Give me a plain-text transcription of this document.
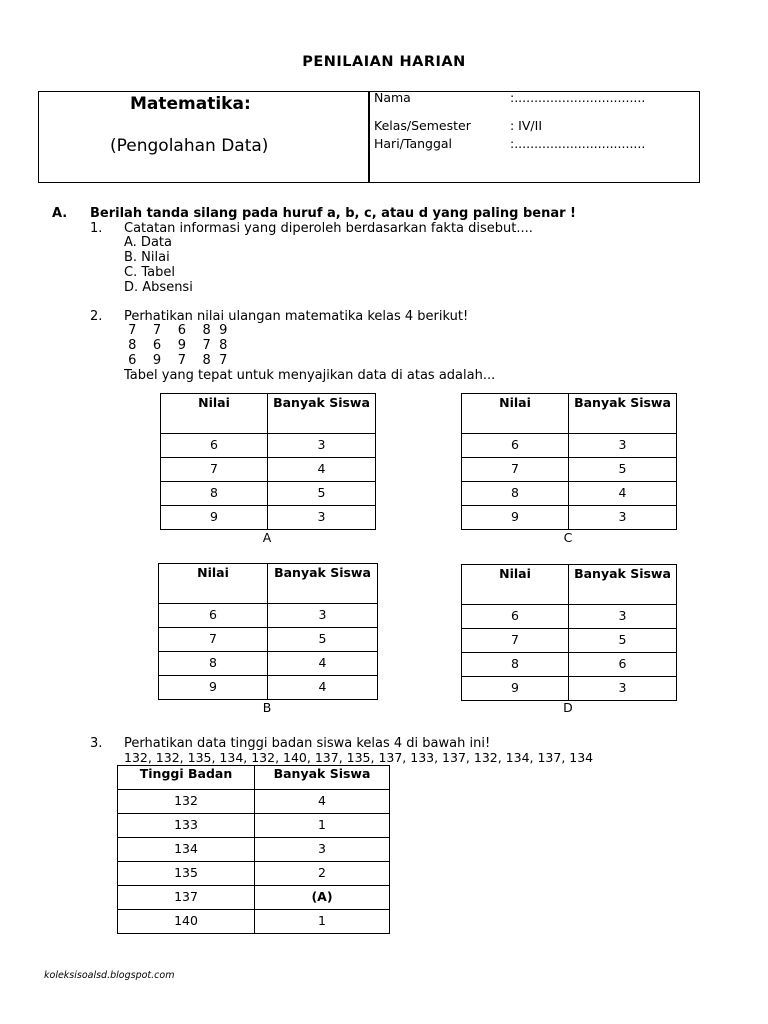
PENILAIAN HARIAN
Matematika:
(Pengolahan Data)
Nama	:.................................
Kelas/Semester	: IV/II
Hari/Tanggal	:.................................
A. Berilah tanda silang pada huruf a, b, c, atau d yang paling benar !
1. Catatan informasi yang diperoleh berdasarkan fakta disebut....
A. Data
B. Nilai
C. Tabel
D. Absensi
2. Perhatikan nilai ulangan matematika kelas 4 berikut!
7    7    6    8  9
8    6    9    7  8
6    9    7    8  7
Tabel yang tepat untuk menyajikan data di atas adalah...
Nilai	Banyak Siswa
6	3
7	4
8	5
9	3
A
Nilai	Banyak Siswa
6	3
7	5
8	4
9	3
C
Nilai	Banyak Siswa
6	3
7	5
8	4
9	4
B
Nilai	Banyak Siswa
6	3
7	5
8	6
9	3
D
3. Perhatikan data tinggi badan siswa kelas 4 di bawah ini!
132, 132, 135, 134, 132, 140, 137, 135, 137, 133, 137, 132, 134, 137, 134
Tinggi Badan	Banyak Siswa
132	4
133	1
134	3
135	2
137	(A)
140	1
koleksisoalsd.blogspot.com
